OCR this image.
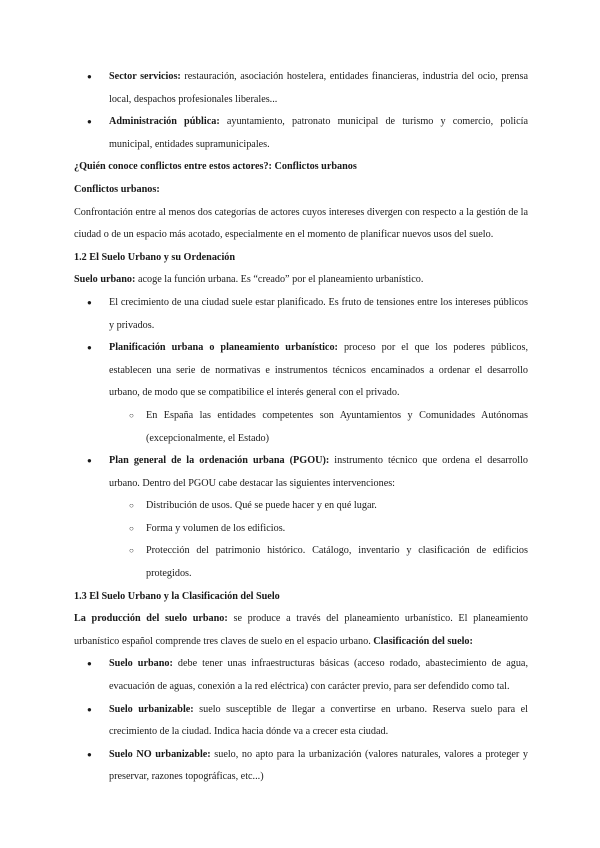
● Sector servicios: restauración, asociación hostelera, entidades financieras, industria del ocio, prensa local, despachos profesionales liberales...
● Administración pública: ayuntamiento, patronato municipal de turismo y comercio, policía municipal, entidades supramunicipales.

¿Quién conoce conflictos entre estos actores?: Conflictos urbanos

Conflictos urbanos:

Confrontación entre al menos dos categorías de actores cuyos intereses divergen con respecto a la gestión de la ciudad o de un espacio más acotado, especialmente en el momento de planificar nuevos usos del suelo.

1.2 El Suelo Urbano y su Ordenación

Suelo urbano: acoge la función urbana. Es “creado” por el planeamiento urbanístico.

● El crecimiento de una ciudad suele estar planificado. Es fruto de tensiones entre los intereses públicos y privados.
● Planificación urbana o planeamiento urbanístico: proceso por el que los poderes públicos, establecen una serie de normativas e instrumentos técnicos encaminados a ordenar el desarrollo urbano, de modo que se compatibilice el interés general con el privado.
○ En España las entidades competentes son Ayuntamientos y Comunidades Autónomas (excepcionalmente, el Estado)
● Plan general de la ordenación urbana (PGOU): instrumento técnico que ordena el desarrollo urbano. Dentro del PGOU cabe destacar las siguientes intervenciones:
○ Distribución de usos. Qué se puede hacer y en qué lugar.
○ Forma y volumen de los edificios.
○ Protección del patrimonio histórico. Catálogo, inventario y clasificación de edificios protegidos.

1.3 El Suelo Urbano y la Clasificación del Suelo

La producción del suelo urbano: se produce a través del planeamiento urbanístico. El planeamiento urbanístico español comprende tres claves de suelo en el espacio urbano. Clasificación del suelo:

● Suelo urbano: debe tener unas infraestructuras básicas (acceso rodado, abastecimiento de agua, evacuación de aguas, conexión a la red eléctrica) con carácter previo, para ser defendido como tal.
● Suelo urbanizable: suelo susceptible de llegar a convertirse en urbano. Reserva suelo para el crecimiento de la ciudad. Indica hacia dónde va a crecer esta ciudad.
● Suelo NO urbanizable: suelo, no apto para la urbanización (valores naturales, valores a proteger y preservar, razones topográficas, etc...)
